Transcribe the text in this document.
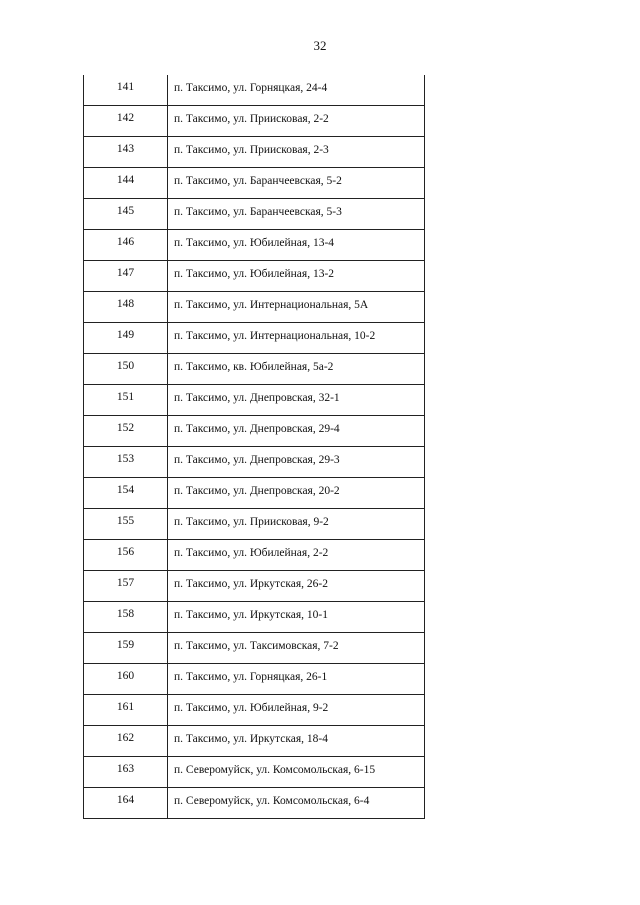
32
141	п. Таксимо, ул. Горняцкая, 24-4
142	п. Таксимо, ул. Приисковая, 2-2
143	п. Таксимо, ул. Приисковая, 2-3
144	п. Таксимо, ул. Баранчеевская, 5-2
145	п. Таксимо, ул. Баранчеевская, 5-3
146	п. Таксимо, ул. Юбилейная, 13-4
147	п. Таксимо, ул. Юбилейная, 13-2
148	п. Таксимо, ул. Интернациональная, 5А
149	п. Таксимо, ул. Интернациональная, 10-2
150	п. Таксимо, кв. Юбилейная, 5а-2
151	п. Таксимо, ул. Днепровская, 32-1
152	п. Таксимо, ул. Днепровская, 29-4
153	п. Таксимо, ул. Днепровская, 29-3
154	п. Таксимо, ул. Днепровская, 20-2
155	п. Таксимо, ул. Приисковая, 9-2
156	п. Таксимо, ул. Юбилейная, 2-2
157	п. Таксимо, ул. Иркутская, 26-2
158	п. Таксимо, ул. Иркутская, 10-1
159	п. Таксимо, ул. Таксимовская, 7-2
160	п. Таксимо, ул. Горняцкая, 26-1
161	п. Таксимо, ул. Юбилейная, 9-2
162	п. Таксимо, ул. Иркутская, 18-4
163	п. Северомуйск, ул. Комсомольская, 6-15
164	п. Северомуйск, ул. Комсомольская, 6-4
